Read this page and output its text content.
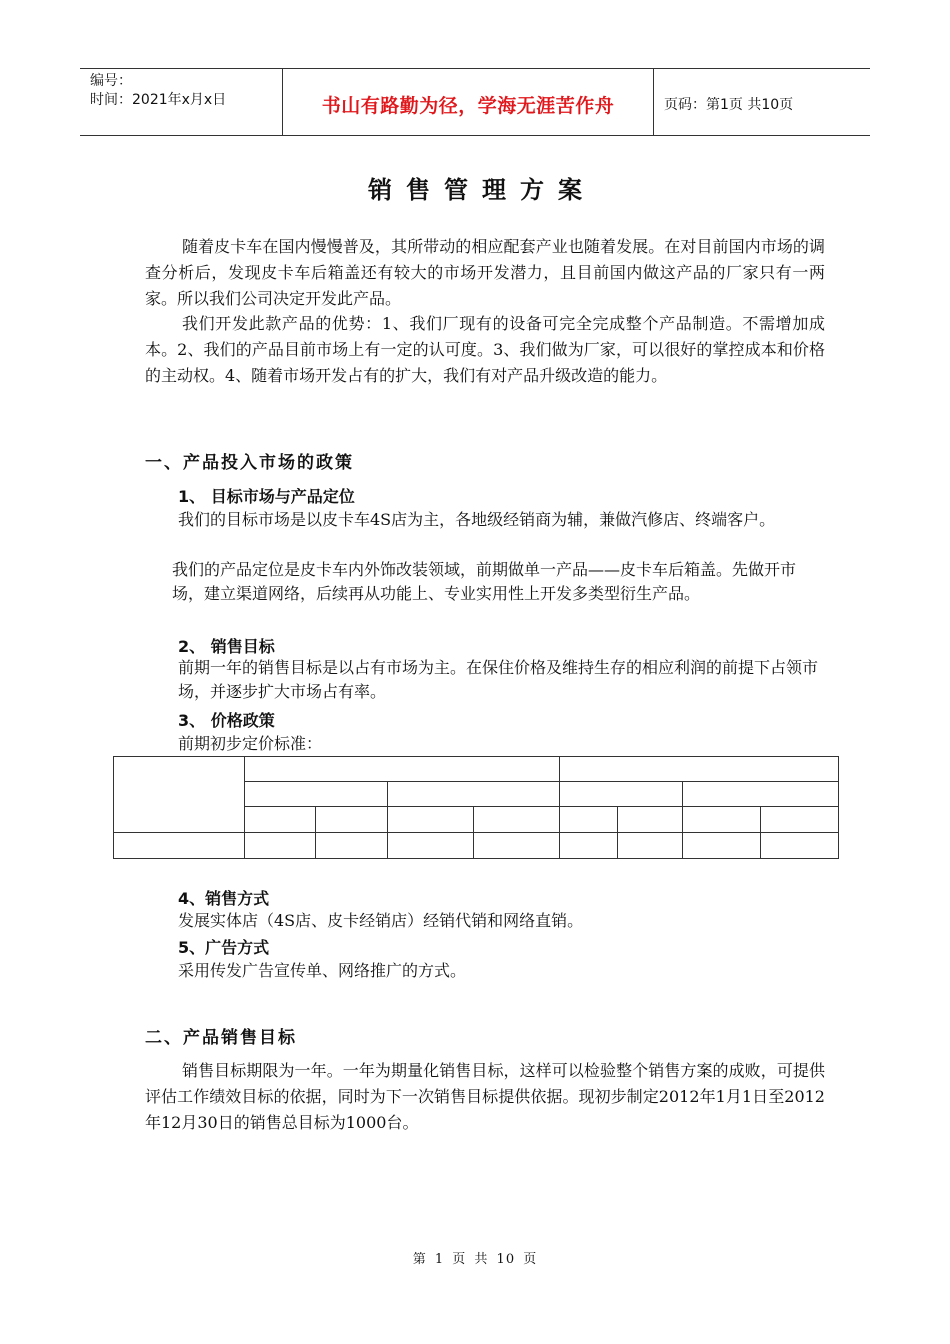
编号：
时间：2021年x月x日	书山有路勤为径，学海无涯苦作舟	页码：第1页 共10页
销售管理方案
随着皮卡车在国内慢慢普及，其所带动的相应配套产业也随着发展。在对目前国内市场的调查分析后，发现皮卡车后箱盖还有较大的市场开发潜力，且目前国内做这产品的厂家只有一两家。所以我们公司决定开发此产品。
我们开发此款产品的优势：1、我们厂现有的设备可完全完成整个产品制造。不需增加成本。2、我们的产品目前市场上有一定的认可度。3、我们做为厂家，可以很好的掌控成本和价格的主动权。4、随着市场开发占有的扩大，我们有对产品升级改造的能力。
一、产品投入市场的政策
1、 目标市场与产品定位
我们的目标市场是以皮卡车4S店为主，各地级经销商为辅，兼做汽修店、终端客户。
我们的产品定位是皮卡车内外饰改装领域，前期做单一产品——皮卡车后箱盖。先做开市场，建立渠道网络，后续再从功能上、专业实用性上开发多类型衍生产品。
2、 销售目标
前期一年的销售目标是以占有市场为主。在保住价格及维持生存的相应利润的前提下占领市场，并逐步扩大市场占有率。
3、 价格政策
前期初步定价标准：

4、销售方式
发展实体店（4S店、皮卡经销店）经销代销和网络直销。
5、广告方式
采用传发广告宣传单、网络推广的方式。
二、产品销售目标
销售目标期限为一年。一年为期量化销售目标，这样可以检验整个销售方案的成败，可提供评估工作绩效目标的依据，同时为下一次销售目标提供依据。现初步制定2012年1月1日至2012年12月30日的销售总目标为1000台。
第 1 页 共 10 页
